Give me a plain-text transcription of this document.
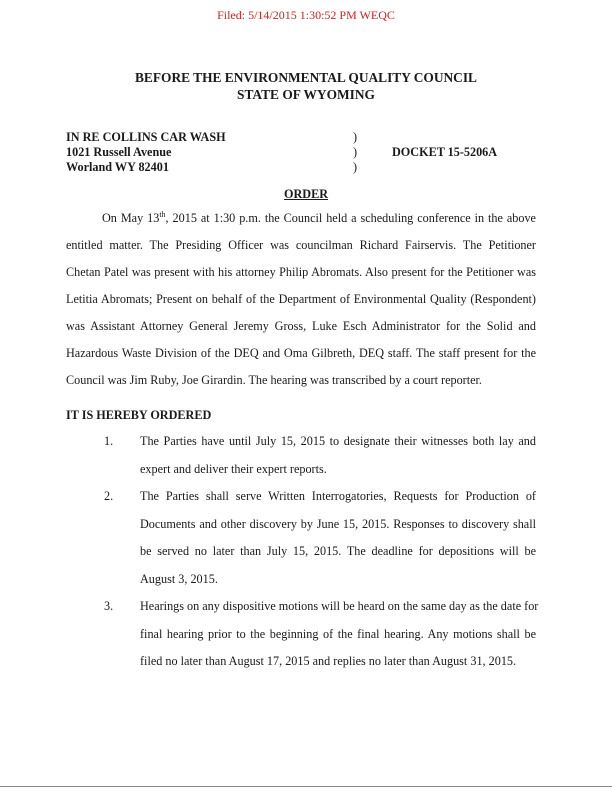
Filed: 5/14/2015 1:30:52 PM WEQC
BEFORE THE ENVIRONMENTAL QUALITY COUNCIL
STATE OF WYOMING
IN RE COLLINS CAR WASH
1021 Russell Avenue
Worland WY 82401
)
)
)
DOCKET 15-5206A
ORDER
On May 13th, 2015 at 1:30 p.m. the Council held a scheduling conference in the above
entitled matter. The Presiding Officer was councilman Richard Fairservis. The Petitioner
Chetan Patel was present with his attorney Philip Abromats. Also present for the Petitioner was
Letitia Abromats; Present on behalf of the Department of Environmental Quality (Respondent)
was Assistant Attorney General Jeremy Gross, Luke Esch Administrator for the Solid and
Hazardous Waste Division of the DEQ and Oma Gilbreth, DEQ staff. The staff present for the
Council was Jim Ruby, Joe Girardin. The hearing was transcribed by a court reporter.
IT IS HEREBY ORDERED
1. The Parties have until July 15, 2015 to designate their witnesses both lay and
expert and deliver their expert reports.
2. The Parties shall serve Written Interrogatories, Requests for Production of
Documents and other discovery by June 15, 2015. Responses to discovery shall
be served no later than July 15, 2015. The deadline for depositions will be
August 3, 2015.
3. Hearings on any dispositive motions will be heard on the same day as the date for
final hearing prior to the beginning of the final hearing. Any motions shall be
filed no later than August 17, 2015 and replies no later than August 31, 2015.
